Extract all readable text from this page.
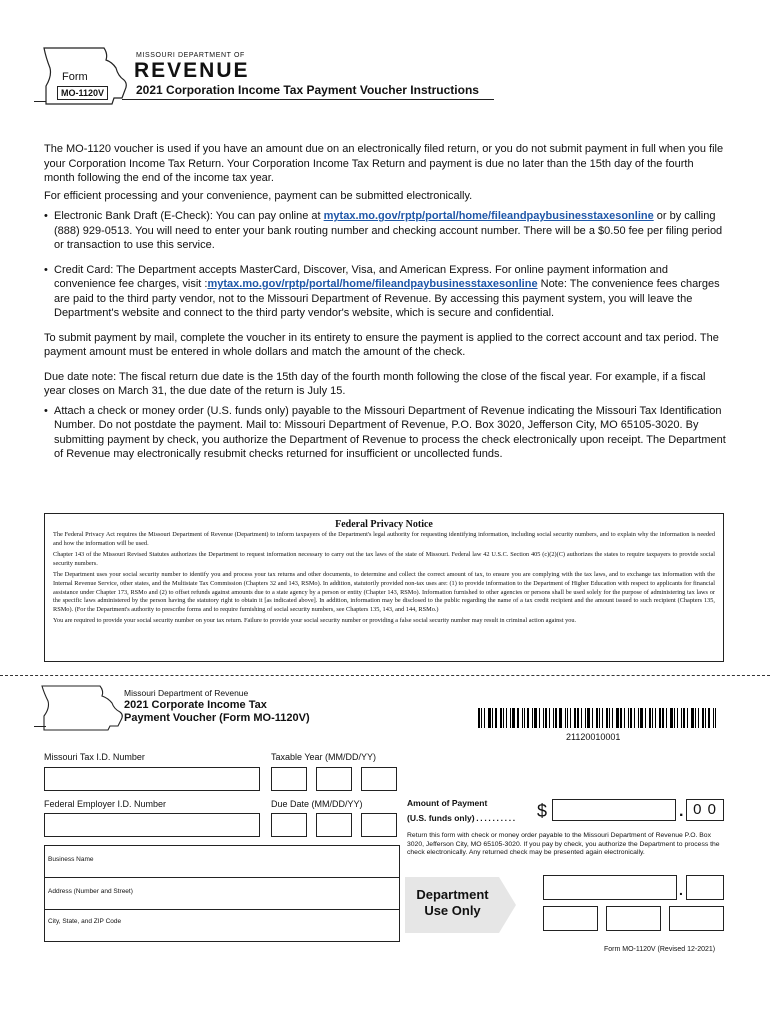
Form
MO-1120V
MISSOURI DEPARTMENT OF
REVENUE
2021 Corporation Income Tax Payment Voucher Instructions

The MO-1120 voucher is used if you have an amount due on an electronically filed return, or you do not submit payment in full when you file your Corporation Income Tax Return. Your Corporation Income Tax Return and payment is due no later than the 15th day of the fourth month following the end of the income tax year.

For efficient processing and your convenience, payment can be submitted electronically.

• Electronic Bank Draft (E-Check): You can pay online at mytax.mo.gov/rptp/portal/home/fileandpaybusinesstaxesonline or by calling (888) 929-0513. You will need to enter your bank routing number and checking account number. There will be a $0.50 fee per filing period or transaction to use this service.
• Credit Card: The Department accepts MasterCard, Discover, Visa, and American Express. For online payment information and convenience fee charges, visit :mytax.mo.gov/rptp/portal/home/fileandpaybusinesstaxesonline Note: The convenience fees charges are paid to the third party vendor, not to the Missouri Department of Revenue. By accessing this payment system, you will leave the Department's website and connect to the third party vendor's website, which is secure and confidential.

To submit payment by mail, complete the voucher in its entirety to ensure the payment is applied to the correct account and tax period. The payment amount must be entered in whole dollars and match the amount of the check.

Due date note: The fiscal return due date is the 15th day of the fourth month following the close of the fiscal year. For example, if a fiscal year closes on March 31, the due date of the return is July 15.

• Attach a check or money order (U.S. funds only) payable to the Missouri Department of Revenue indicating the Missouri Tax Identification Number. Do not postdate the payment. Mail to: Missouri Department of Revenue, P.O. Box 3020, Jefferson City, MO 65105-3020. By submitting payment by check, you authorize the Department of Revenue to process the check electronically upon receipt. The Department of Revenue may electronically resubmit checks returned for insufficient or uncollected funds.
Federal Privacy Notice

The Federal Privacy Act requires the Missouri Department of Revenue (Department) to inform taxpayers of the Department's legal authority for requesting identifying information, including social security numbers, and to explain why the information is needed and how the information will be used.

Chapter 143 of the Missouri Revised Statutes authorizes the Department to request information necessary to carry out the tax laws of the state of Missouri. Federal law 42 U.S.C. Section 405 (c)(2)(C) authorizes the states to require taxpayers to provide social security numbers.

The Department uses your social security number to identify you and process your tax returns and other documents, to determine and collect the correct amount of tax, to ensure you are complying with the tax laws, and to exchange tax information with the Internal Revenue Service, other states, and the Multistate Tax Commission (Chapters 32 and 143, RSMo). In addition, statutorily provided non-tax uses are: (1) to provide information to the Department of Higher Education with respect to applicants for financial assistance under Chapter 173, RSMo and (2) to offset refunds against amounts due to a state agency by a person or entity (Chapter 143, RSMo). Information furnished to other agencies or persons shall be used solely for the purpose of administering tax laws or the specific laws administered by the person having the statutory right to obtain it [as indicated above]. In addition, information may be disclosed to the public regarding the name of a tax credit recipient and the amount issued to such recipient (Chapters 135, RSMo). (For the Department's authority to prescribe forms and to require furnishing of social security numbers, see Chapters 135, 143, and 144, RSMo.)

You are required to provide your social security number on your tax return. Failure to provide your social security number or providing a false social security number may result in criminal action against you.

Missouri Department of Revenue
2021 Corporate Income Tax
Payment Voucher (Form MO-1120V)
21120010001
Missouri Tax I.D. Number	Taxable Year (MM/DD/YY)
Federal Employer I.D. Number	Due Date (MM/DD/YY)
Business Name
Address (Number and Street)
City, State, and ZIP Code
Amount of Payment
(U.S. funds only) . . . . . . . . . . $	. 0 0
Return this form with check or money order payable to the Missouri Department of Revenue P.O. Box 3020, Jefferson City, MO 65105-3020. If you pay by check, you authorize the Department to process the check electronically. Any returned check may be presented again electronically.
Department
Use Only
.
Form MO-1120V (Revised 12-2021)
